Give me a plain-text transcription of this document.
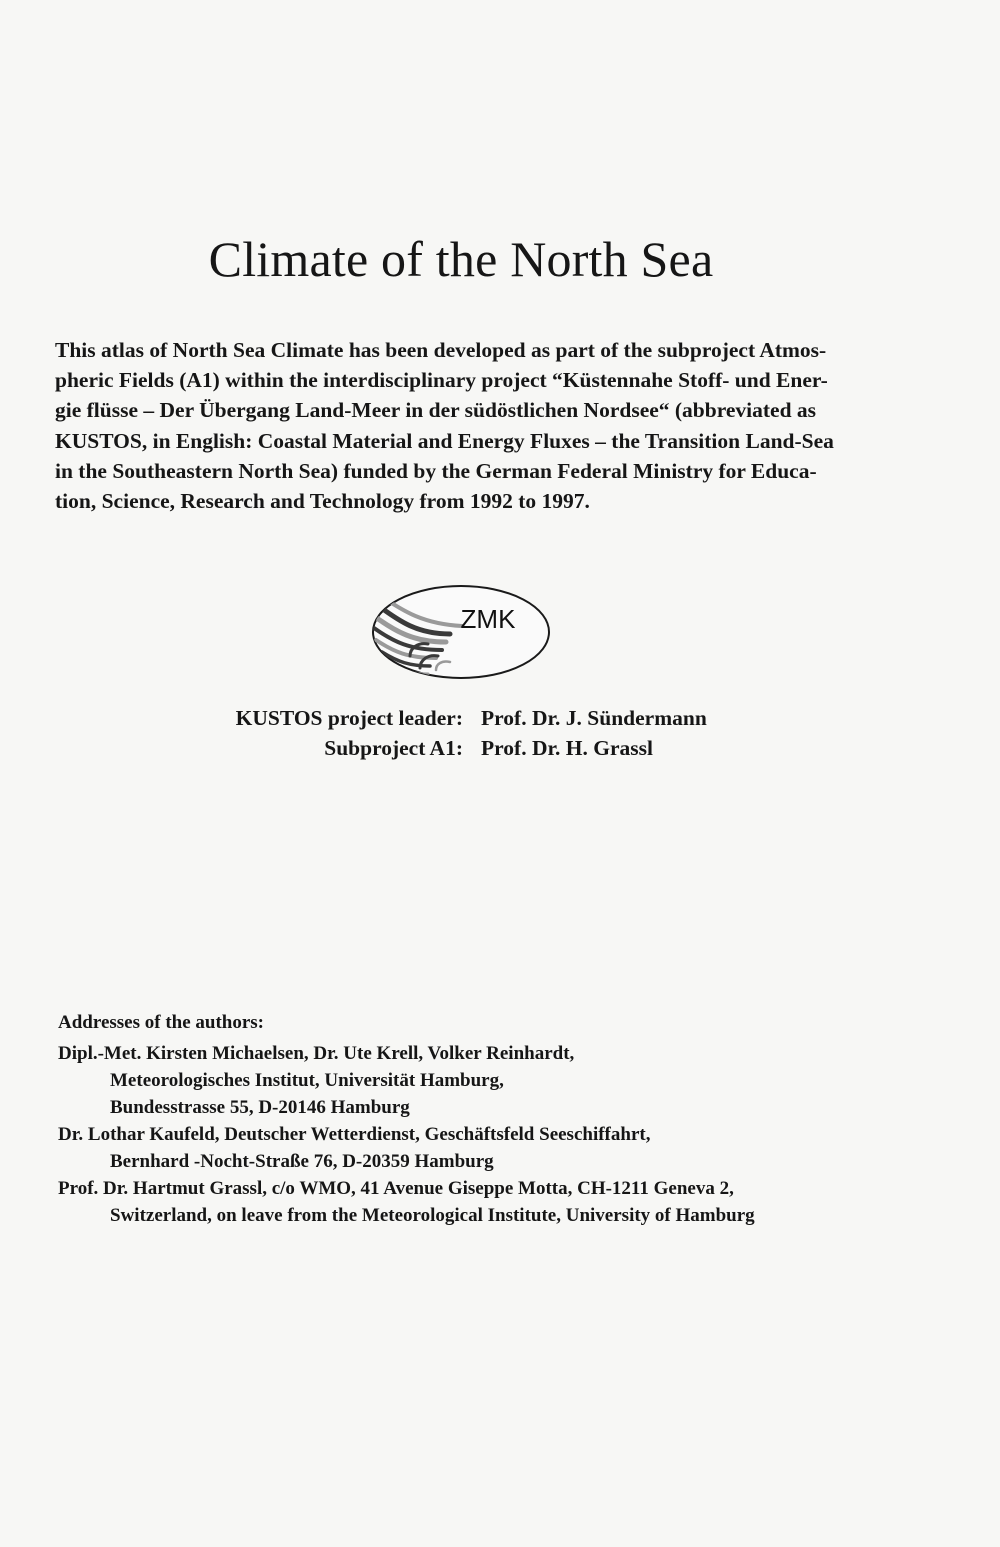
Climate of the North Sea

This atlas of North Sea Climate has been developed as part of the subproject Atmos-
pheric Fields (A1) within the interdisciplinary project “Küstennahe Stoff- und Ener-
gie flüsse – Der Übergang Land-Meer in der südöstlichen Nordsee“ (abbreviated as
KUSTOS, in English: Coastal Material and Energy Fluxes – the Transition Land-Sea
in the Southeastern North Sea) funded by the German Federal Ministry for Educa-
tion, Science, Research and Technology from 1992 to 1997.

ZMK
KUSTOS project leader: Prof. Dr. J. Sündermann
Subproject A1: Prof. Dr. H. Grassl
Addresses of the authors:
Dipl.-Met. Kirsten Michaelsen, Dr. Ute Krell, Volker Reinhardt,
Meteorologisches Institut, Universität Hamburg,
Bundesstrasse 55, D-20146 Hamburg
Dr. Lothar Kaufeld, Deutscher Wetterdienst, Geschäftsfeld Seeschiffahrt,
Bernhard -Nocht-Straße 76, D-20359 Hamburg
Prof. Dr. Hartmut Grassl, c/o WMO, 41 Avenue Giseppe Motta, CH-1211 Geneva 2,
Switzerland, on leave from the Meteorological Institute, University of Hamburg
